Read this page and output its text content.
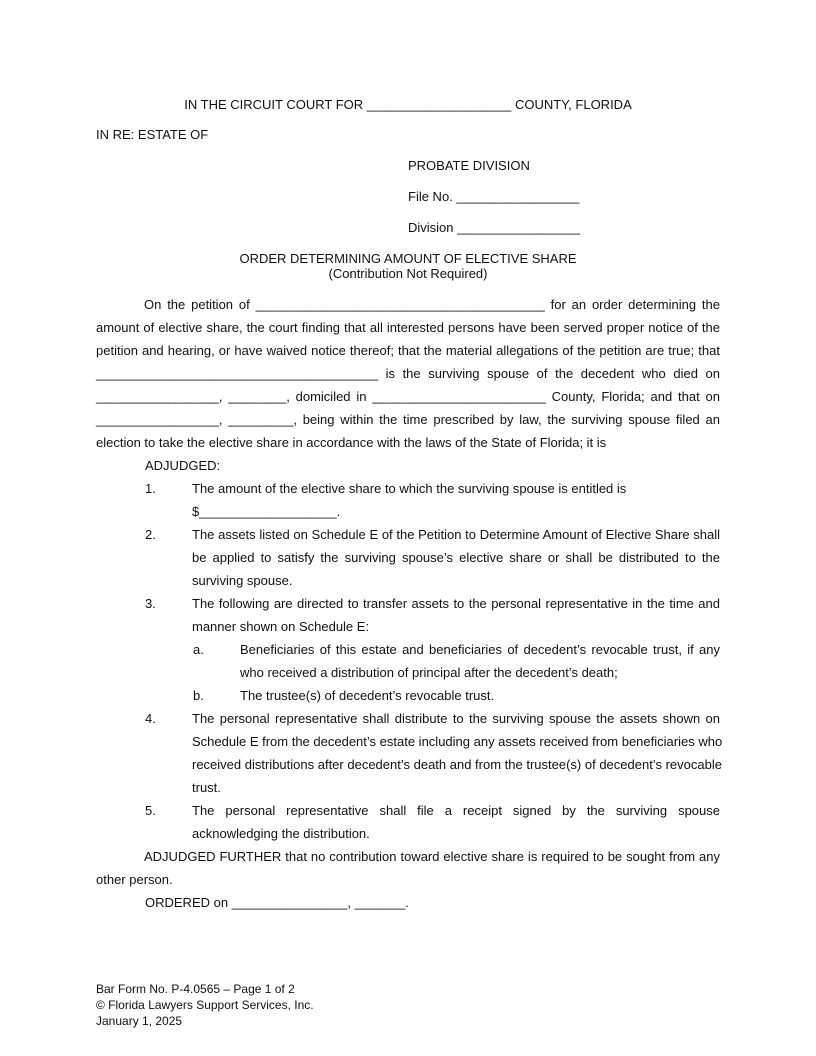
IN THE CIRCUIT COURT FOR ____________________ COUNTY, FLORIDA
IN RE: ESTATE OF
PROBATE DIVISION
File No. _________________
Division _________________
ORDER DETERMINING AMOUNT OF ELECTIVE SHARE
(Contribution Not Required)
On the petition of ________________________________________ for an order determining the
amount of elective share, the court finding that all interested persons have been served proper notice of the
petition and hearing, or have waived notice thereof; that the material allegations of the petition are true; that
_______________________________________ is the surviving spouse of the decedent who died on
_________________, ________, domiciled in ________________________ County, Florida; and that on
_________________, _________, being within the time prescribed by law, the surviving spouse filed an
election to take the elective share in accordance with the laws of the State of Florida; it is
ADJUDGED:
1.	The amount of the elective share to which the surviving spouse is entitled is
$___________________.
2.	The assets listed on Schedule E of the Petition to Determine Amount of Elective Share shall
be applied to satisfy the surviving spouse’s elective share or shall be distributed to the
surviving spouse.
3.	The following are directed to transfer assets to the personal representative in the time and
manner shown on Schedule E:
a.	Beneficiaries of this estate and beneficiaries of decedent’s revocable trust, if any
who received a distribution of principal after the decedent’s death;
b.	The trustee(s) of decedent’s revocable trust.
4.	The personal representative shall distribute to the surviving spouse the assets shown on
Schedule E from the decedent’s estate including any assets received from beneficiaries who
received distributions after decedent’s death and from the trustee(s) of decedent’s revocable
trust.
5.	The personal representative shall file a receipt signed by the surviving spouse
acknowledging the distribution.
ADJUDGED FURTHER that no contribution toward elective share is required to be sought from any
other person.
ORDERED on ________________, _______.
Bar Form No. P-4.0565 – Page 1 of 2
© Florida Lawyers Support Services, Inc.
January 1, 2025
